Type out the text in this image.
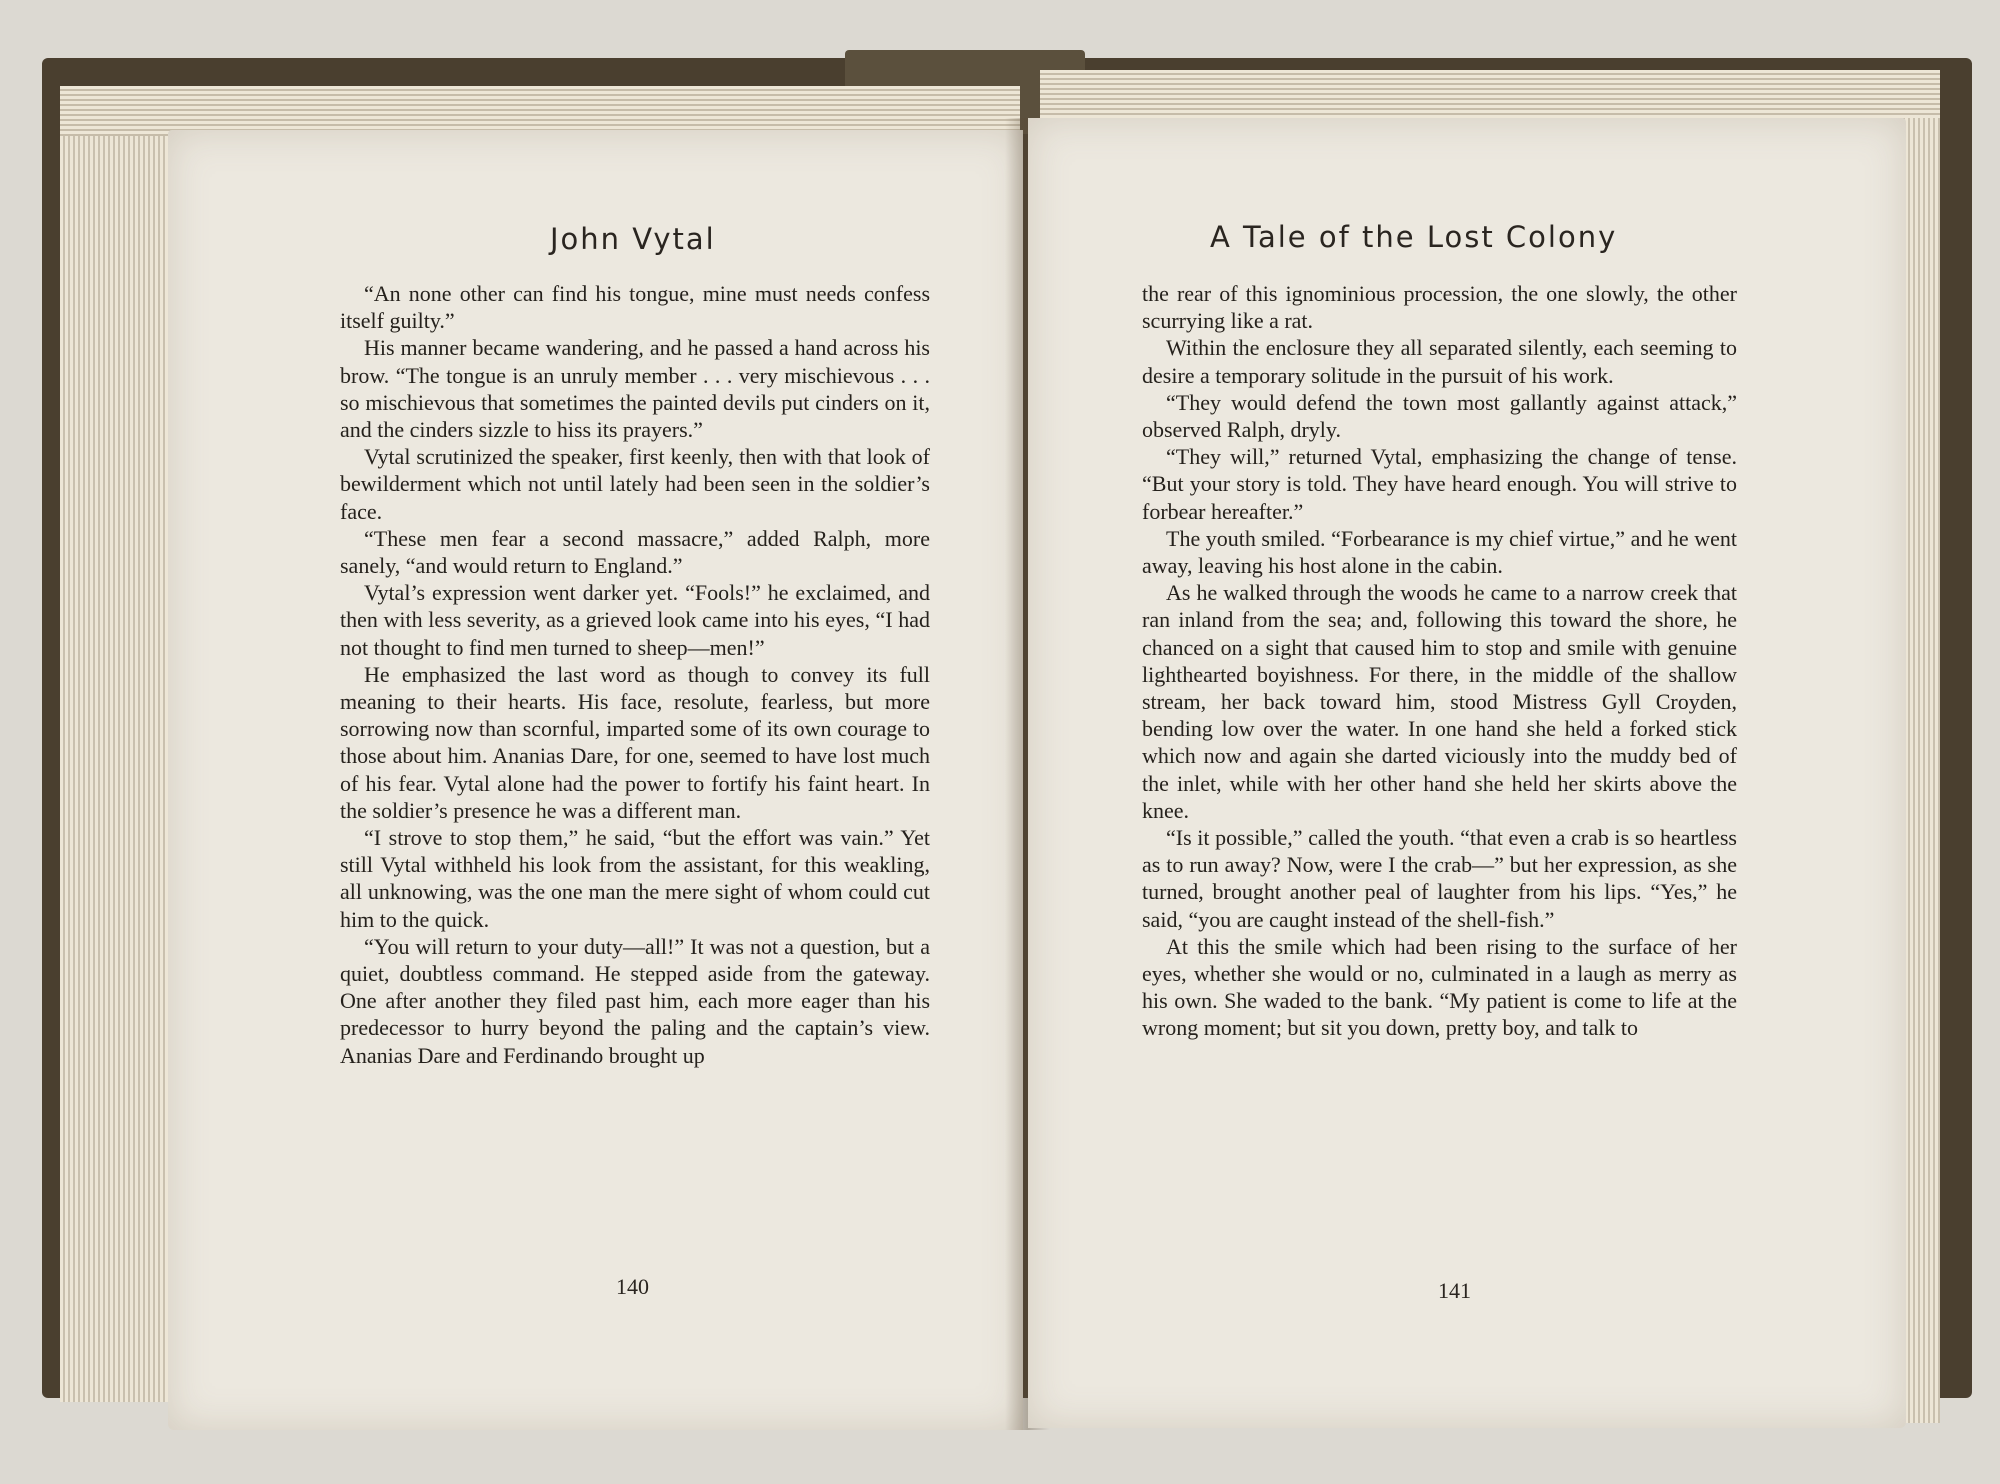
John Vytal

“An none other can find his tongue, mine must needs confess itself guilty.”

His manner became wandering, and he passed a hand across his brow. “The tongue is an unruly member . . . very mischievous . . . so mischievous that sometimes the painted devils put cinders on it, and the cinders sizzle to hiss its prayers.”

Vytal scrutinized the speaker, first keenly, then with that look of bewilderment which not until lately had been seen in the soldier’s face.

“These men fear a second massacre,” added Ralph, more sanely, “and would return to England.”

Vytal’s expression went darker yet. “Fools!” he exclaimed, and then with less severity, as a grieved look came into his eyes, “I had not thought to find men turned to sheep—men!”

He emphasized the last word as though to convey its full meaning to their hearts. His face, resolute, fearless, but more sorrowing now than scornful, imparted some of its own courage to those about him. Ananias Dare, for one, seemed to have lost much of his fear. Vytal alone had the power to fortify his faint heart. In the soldier’s presence he was a different man.

“I strove to stop them,” he said, “but the effort was vain.” Yet still Vytal withheld his look from the assistant, for this weakling, all unknowing, was the one man the mere sight of whom could cut him to the quick.

“You will return to your duty—all!” It was not a question, but a quiet, doubtless command. He stepped aside from the gateway. One after another they filed past him, each more eager than his predecessor to hurry beyond the paling and the captain’s view. Ananias Dare and Ferdinando brought up

140
A Tale of the Lost Colony

the rear of this ignominious procession, the one slowly, the other scurrying like a rat.

Within the enclosure they all separated silently, each seeming to desire a temporary solitude in the pursuit of his work.

“They would defend the town most gallantly against attack,” observed Ralph, dryly.

“They will,” returned Vytal, emphasizing the change of tense. “But your story is told. They have heard enough. You will strive to forbear hereafter.”

The youth smiled. “Forbearance is my chief virtue,” and he went away, leaving his host alone in the cabin.

As he walked through the woods he came to a narrow creek that ran inland from the sea; and, following this toward the shore, he chanced on a sight that caused him to stop and smile with genuine lighthearted boyishness. For there, in the middle of the shallow stream, her back toward him, stood Mistress Gyll Croyden, bending low over the water. In one hand she held a forked stick which now and again she darted viciously into the muddy bed of the inlet, while with her other hand she held her skirts above the knee.

“Is it possible,” called the youth. “that even a crab is so heartless as to run away? Now, were I the crab—” but her expression, as she turned, brought another peal of laughter from his lips. “Yes,” he said, “you are caught instead of the shell-fish.”

At this the smile which had been rising to the surface of her eyes, whether she would or no, culminated in a laugh as merry as his own. She waded to the bank. “My patient is come to life at the wrong moment; but sit you down, pretty boy, and talk to

141
